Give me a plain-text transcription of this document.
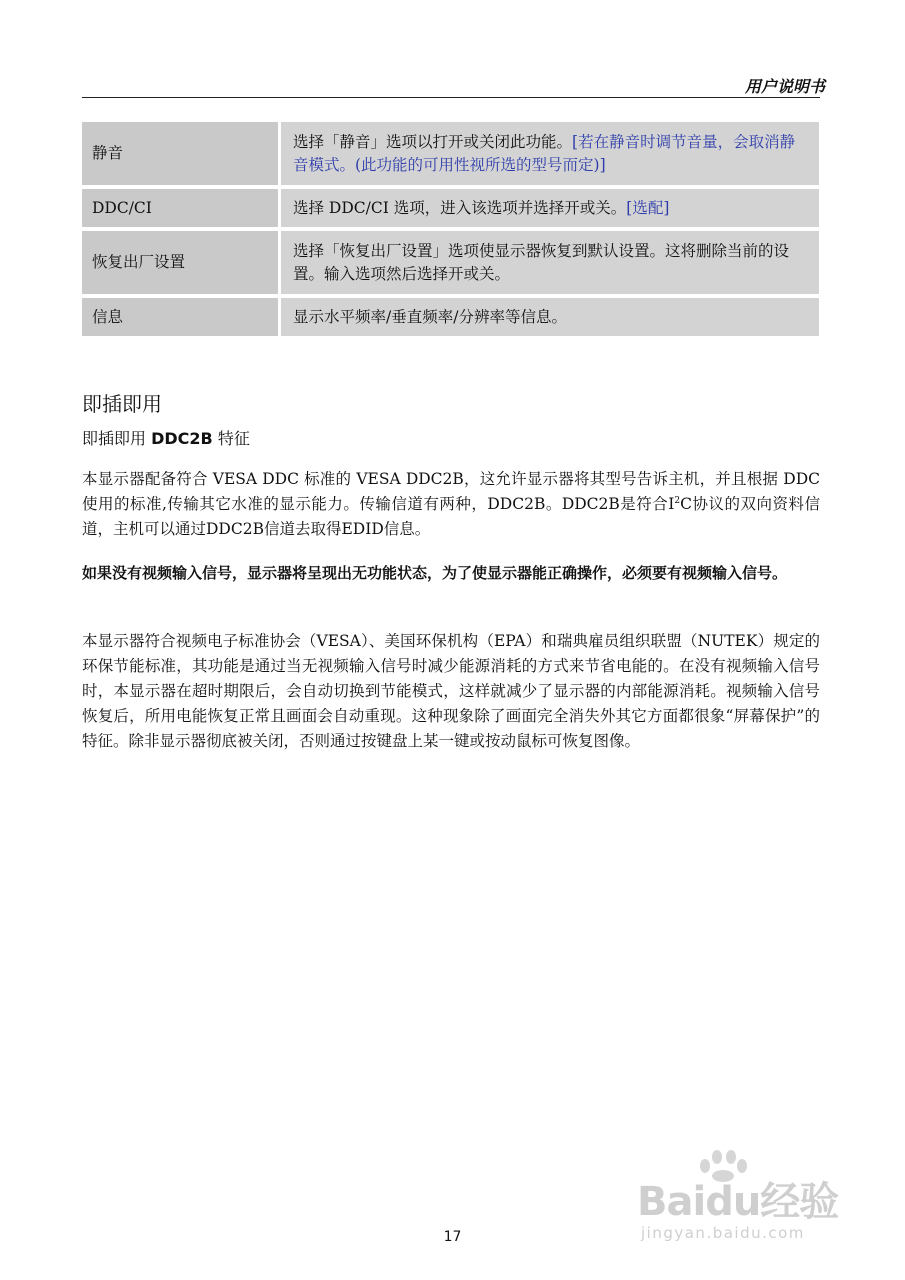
用户说明书
静音	选择「静音」选项以打开或关闭此功能。[若在静音时调节音量，会取消静音模式。(此功能的可用性视所选的型号而定)]
DDC/CI	选择 DDC/CI 选项，进入该选项并选择开或关。[选配]
恢复出厂设置	选择「恢复出厂设置」选项使显示器恢复到默认设置。这将删除当前的设置。输入选项然后选择开或关。
信息	显示水平频率/垂直频率/分辨率等信息。
即插即用
即插即用 DDC2B 特征

本显示器配备符合 VESA DDC 标准的 VESA DDC2B，这允许显示器将其型号告诉主机，并且根据 DDC 使用的标准,传输其它水准的显示能力。传输信道有两种，DDC2B。DDC2B是符合$I^2C$协议的双向资料信道，主机可以通过DDC2B信道去取得EDID信息。

如果没有视频输入信号，显示器将呈现出无功能状态，为了使显示器能正确操作，必须要有视频输入信号。

本显示器符合视频电子标准协会（VESA）、美国环保机构（EPA）和瑞典雇员组织联盟（NUTEK）规定的环保节能标准，其功能是通过当无视频输入信号时减少能源消耗的方式来节省电能的。在没有视频输入信号时，本显示器在超时期限后，会自动切换到节能模式，这样就减少了显示器的内部能源消耗。视频输入信号恢复后，所用电能恢复正常且画面会自动重现。这种现象除了画面完全消失外其它方面都很象“屏幕保护”的特征。除非显示器彻底被关闭，否则通过按键盘上某一键或按动鼠标可恢复图像。

17
Baidu经验
jingyan.baidu.com
